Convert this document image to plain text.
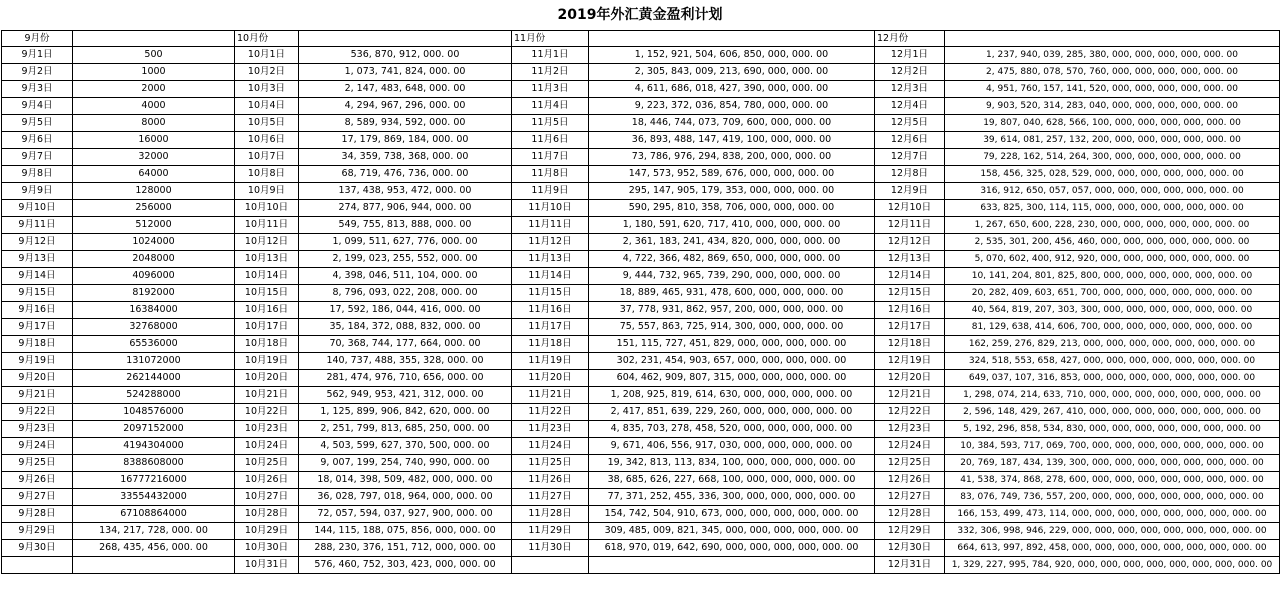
2019年外汇黄金盈利计划
9月份		10月份		11月份		12月份	
9月1日	500	10月1日	536, 870, 912, 000. 00	11月1日	1, 152, 921, 504, 606, 850, 000, 000. 00	12月1日	1, 237, 940, 039, 285, 380, 000, 000, 000, 000, 000. 00
9月2日	1000	10月2日	1, 073, 741, 824, 000. 00	11月2日	2, 305, 843, 009, 213, 690, 000, 000. 00	12月2日	2, 475, 880, 078, 570, 760, 000, 000, 000, 000, 000. 00
9月3日	2000	10月3日	2, 147, 483, 648, 000. 00	11月3日	4, 611, 686, 018, 427, 390, 000, 000. 00	12月3日	4, 951, 760, 157, 141, 520, 000, 000, 000, 000, 000. 00
9月4日	4000	10月4日	4, 294, 967, 296, 000. 00	11月4日	9, 223, 372, 036, 854, 780, 000, 000. 00	12月4日	9, 903, 520, 314, 283, 040, 000, 000, 000, 000, 000. 00
9月5日	8000	10月5日	8, 589, 934, 592, 000. 00	11月5日	18, 446, 744, 073, 709, 600, 000, 000. 00	12月5日	19, 807, 040, 628, 566, 100, 000, 000, 000, 000, 000. 00
9月6日	16000	10月6日	17, 179, 869, 184, 000. 00	11月6日	36, 893, 488, 147, 419, 100, 000, 000. 00	12月6日	39, 614, 081, 257, 132, 200, 000, 000, 000, 000, 000. 00
9月7日	32000	10月7日	34, 359, 738, 368, 000. 00	11月7日	73, 786, 976, 294, 838, 200, 000, 000. 00	12月7日	79, 228, 162, 514, 264, 300, 000, 000, 000, 000, 000. 00
9月8日	64000	10月8日	68, 719, 476, 736, 000. 00	11月8日	147, 573, 952, 589, 676, 000, 000, 000. 00	12月8日	158, 456, 325, 028, 529, 000, 000, 000, 000, 000, 000. 00
9月9日	128000	10月9日	137, 438, 953, 472, 000. 00	11月9日	295, 147, 905, 179, 353, 000, 000, 000. 00	12月9日	316, 912, 650, 057, 057, 000, 000, 000, 000, 000, 000. 00
9月10日	256000	10月10日	274, 877, 906, 944, 000. 00	11月10日	590, 295, 810, 358, 706, 000, 000, 000. 00	12月10日	633, 825, 300, 114, 115, 000, 000, 000, 000, 000, 000. 00
9月11日	512000	10月11日	549, 755, 813, 888, 000. 00	11月11日	1, 180, 591, 620, 717, 410, 000, 000, 000. 00	12月11日	1, 267, 650, 600, 228, 230, 000, 000, 000, 000, 000, 000. 00
9月12日	1024000	10月12日	1, 099, 511, 627, 776, 000. 00	11月12日	2, 361, 183, 241, 434, 820, 000, 000, 000. 00	12月12日	2, 535, 301, 200, 456, 460, 000, 000, 000, 000, 000, 000. 00
9月13日	2048000	10月13日	2, 199, 023, 255, 552, 000. 00	11月13日	4, 722, 366, 482, 869, 650, 000, 000, 000. 00	12月13日	5, 070, 602, 400, 912, 920, 000, 000, 000, 000, 000, 000. 00
9月14日	4096000	10月14日	4, 398, 046, 511, 104, 000. 00	11月14日	9, 444, 732, 965, 739, 290, 000, 000, 000. 00	12月14日	10, 141, 204, 801, 825, 800, 000, 000, 000, 000, 000, 000. 00
9月15日	8192000	10月15日	8, 796, 093, 022, 208, 000. 00	11月15日	18, 889, 465, 931, 478, 600, 000, 000, 000. 00	12月15日	20, 282, 409, 603, 651, 700, 000, 000, 000, 000, 000, 000. 00
9月16日	16384000	10月16日	17, 592, 186, 044, 416, 000. 00	11月16日	37, 778, 931, 862, 957, 200, 000, 000, 000. 00	12月16日	40, 564, 819, 207, 303, 300, 000, 000, 000, 000, 000, 000. 00
9月17日	32768000	10月17日	35, 184, 372, 088, 832, 000. 00	11月17日	75, 557, 863, 725, 914, 300, 000, 000, 000. 00	12月17日	81, 129, 638, 414, 606, 700, 000, 000, 000, 000, 000, 000. 00
9月18日	65536000	10月18日	70, 368, 744, 177, 664, 000. 00	11月18日	151, 115, 727, 451, 829, 000, 000, 000, 000. 00	12月18日	162, 259, 276, 829, 213, 000, 000, 000, 000, 000, 000, 000. 00
9月19日	131072000	10月19日	140, 737, 488, 355, 328, 000. 00	11月19日	302, 231, 454, 903, 657, 000, 000, 000, 000. 00	12月19日	324, 518, 553, 658, 427, 000, 000, 000, 000, 000, 000, 000. 00
9月20日	262144000	10月20日	281, 474, 976, 710, 656, 000. 00	11月20日	604, 462, 909, 807, 315, 000, 000, 000, 000. 00	12月20日	649, 037, 107, 316, 853, 000, 000, 000, 000, 000, 000, 000. 00
9月21日	524288000	10月21日	562, 949, 953, 421, 312, 000. 00	11月21日	1, 208, 925, 819, 614, 630, 000, 000, 000, 000. 00	12月21日	1, 298, 074, 214, 633, 710, 000, 000, 000, 000, 000, 000, 000. 00
9月22日	1048576000	10月22日	1, 125, 899, 906, 842, 620, 000. 00	11月22日	2, 417, 851, 639, 229, 260, 000, 000, 000, 000. 00	12月22日	2, 596, 148, 429, 267, 410, 000, 000, 000, 000, 000, 000, 000. 00
9月23日	2097152000	10月23日	2, 251, 799, 813, 685, 250, 000. 00	11月23日	4, 835, 703, 278, 458, 520, 000, 000, 000, 000. 00	12月23日	5, 192, 296, 858, 534, 830, 000, 000, 000, 000, 000, 000, 000. 00
9月24日	4194304000	10月24日	4, 503, 599, 627, 370, 500, 000. 00	11月24日	9, 671, 406, 556, 917, 030, 000, 000, 000, 000. 00	12月24日	10, 384, 593, 717, 069, 700, 000, 000, 000, 000, 000, 000, 000. 00
9月25日	8388608000	10月25日	9, 007, 199, 254, 740, 990, 000. 00	11月25日	19, 342, 813, 113, 834, 100, 000, 000, 000, 000. 00	12月25日	20, 769, 187, 434, 139, 300, 000, 000, 000, 000, 000, 000, 000. 00
9月26日	16777216000	10月26日	18, 014, 398, 509, 482, 000, 000. 00	11月26日	38, 685, 626, 227, 668, 100, 000, 000, 000, 000. 00	12月26日	41, 538, 374, 868, 278, 600, 000, 000, 000, 000, 000, 000, 000. 00
9月27日	33554432000	10月27日	36, 028, 797, 018, 964, 000, 000. 00	11月27日	77, 371, 252, 455, 336, 300, 000, 000, 000, 000. 00	12月27日	83, 076, 749, 736, 557, 200, 000, 000, 000, 000, 000, 000, 000. 00
9月28日	67108864000	10月28日	72, 057, 594, 037, 927, 900, 000. 00	11月28日	154, 742, 504, 910, 673, 000, 000, 000, 000, 000. 00	12月28日	166, 153, 499, 473, 114, 000, 000, 000, 000, 000, 000, 000, 000. 00
9月29日	134, 217, 728, 000. 00	10月29日	144, 115, 188, 075, 856, 000, 000. 00	11月29日	309, 485, 009, 821, 345, 000, 000, 000, 000, 000. 00	12月29日	332, 306, 998, 946, 229, 000, 000, 000, 000, 000, 000, 000, 000. 00
9月30日	268, 435, 456, 000. 00	10月30日	288, 230, 376, 151, 712, 000, 000. 00	11月30日	618, 970, 019, 642, 690, 000, 000, 000, 000, 000. 00	12月30日	664, 613, 997, 892, 458, 000, 000, 000, 000, 000, 000, 000, 000. 00
		10月31日	576, 460, 752, 303, 423, 000, 000. 00			12月31日	1, 329, 227, 995, 784, 920, 000, 000, 000, 000, 000, 000, 000, 000. 00
